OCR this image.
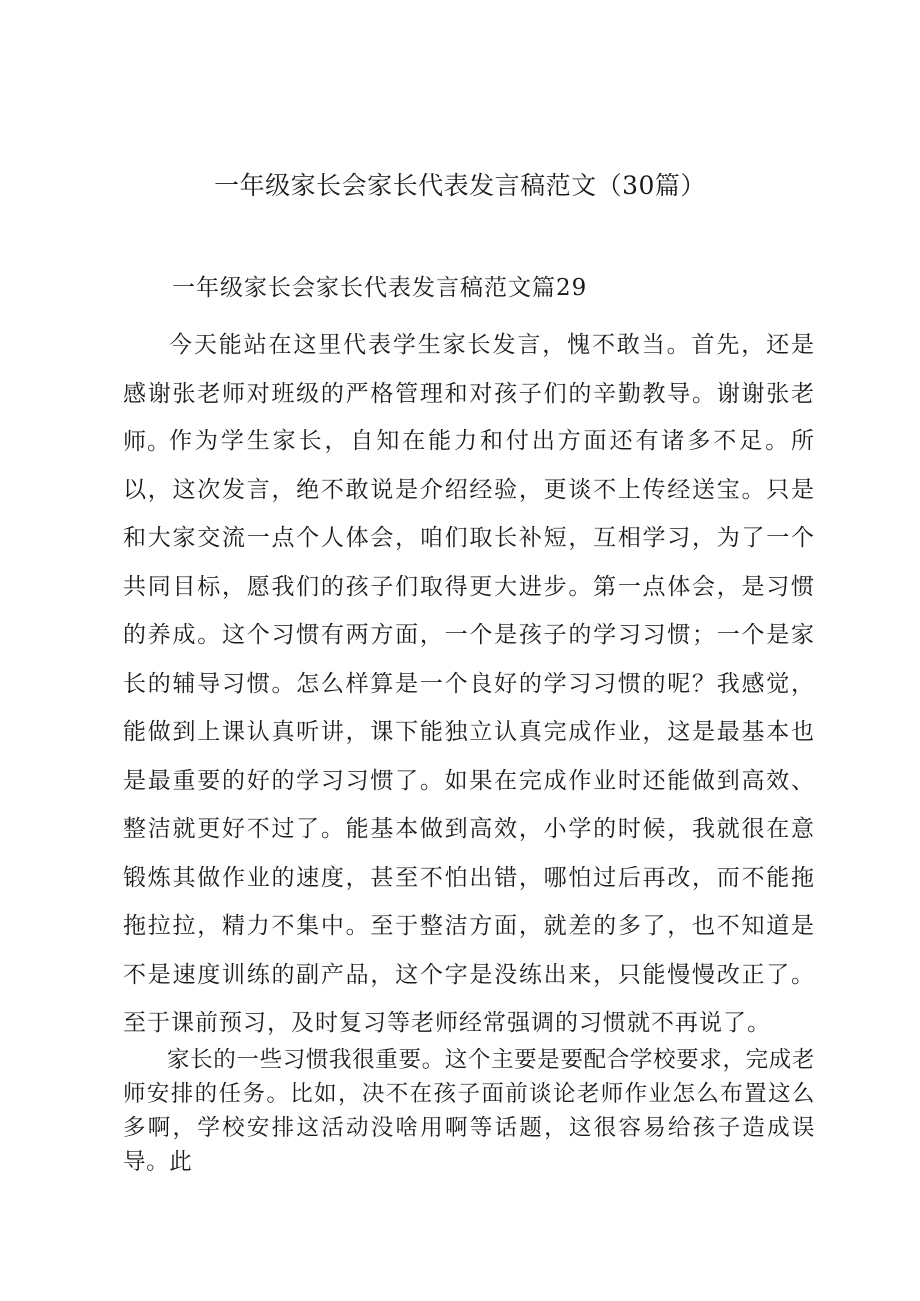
一年级家长会家长代表发言稿范文（30篇）
一年级家长会家长代表发言稿范文篇29

今天能站在这里代表学生家长发言，愧不敢当。首先，还是感谢张老师对班级的严格管理和对孩子们的辛勤教导。谢谢张老师。

作为学生家长，自知在能力和付出方面还有诸多不足。所以，这次发言，绝不敢说是介绍经验，更谈不上传经送宝。只是和大家交流一点个人体会，咱们取长补短，互相学习，为了一个共同目标，愿我们的孩子们取得更大进步。第一点体会，是习惯的养成。这个习惯有两方面，一个是孩子的学习习惯；一个是家长的辅导习惯。怎么样算是一个良好的学习习惯的呢？我感觉，能做到上课认真听讲，课下能独立认真完成作业，这是最基本也是最重要的好的学习习惯了。如果在完成作业时还能做到高效、整洁就更好不过了。能基本做到高效，小学的时候，我就很在意锻炼其做作业的速度，甚至不怕出错，哪怕过后再改，而不能拖拖拉拉，精力不集中。至于整洁方面，就差的多了，也不知道是不是速度训练的副产品，这个字是没练出来，只能慢慢改正了。至于课前预习，及时复习等老师经常强调的习惯就不再说了。

家长的一些习惯我很重要。这个主要是要配合学校要求，完成老师安排的任务。比如，决不在孩子面前谈论老师作业怎么布置这么多啊，学校安排这活动没啥用啊等话题，这很容易给孩子造成误导。此
